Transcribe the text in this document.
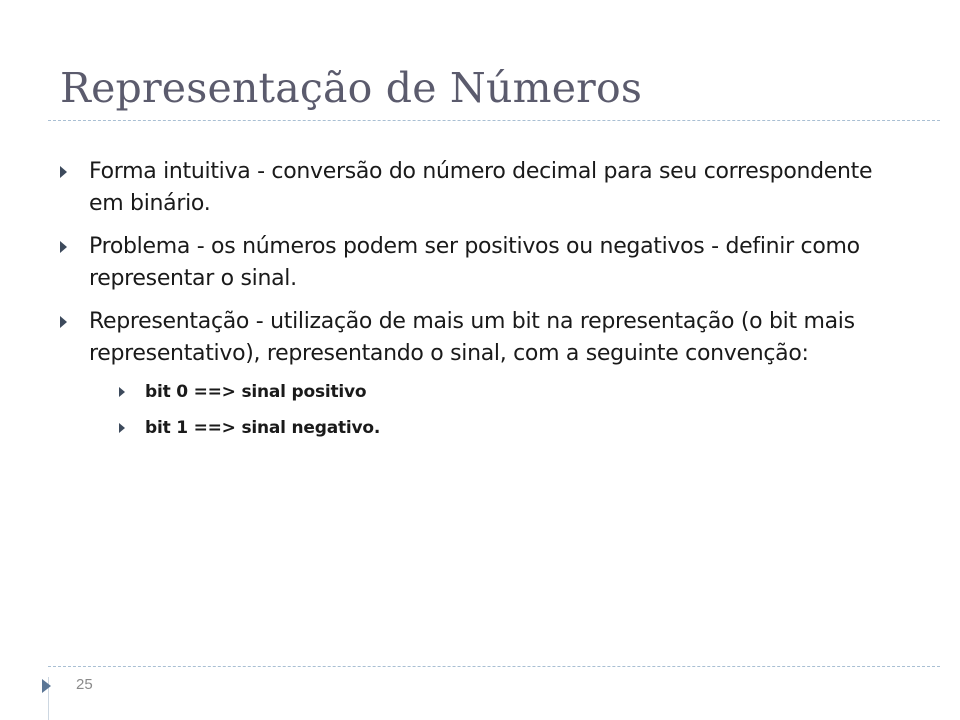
Representação de Números
Forma intuitiva - conversão do número decimal para seu correspondente em binário.
Problema - os números podem ser positivos ou negativos - definir como representar o sinal.
Representação - utilização de mais um bit na representação (o bit mais representativo), representando o sinal, com a seguinte convenção:
bit 0 ==> sinal positivo
bit 1 ==> sinal negativo.
25
